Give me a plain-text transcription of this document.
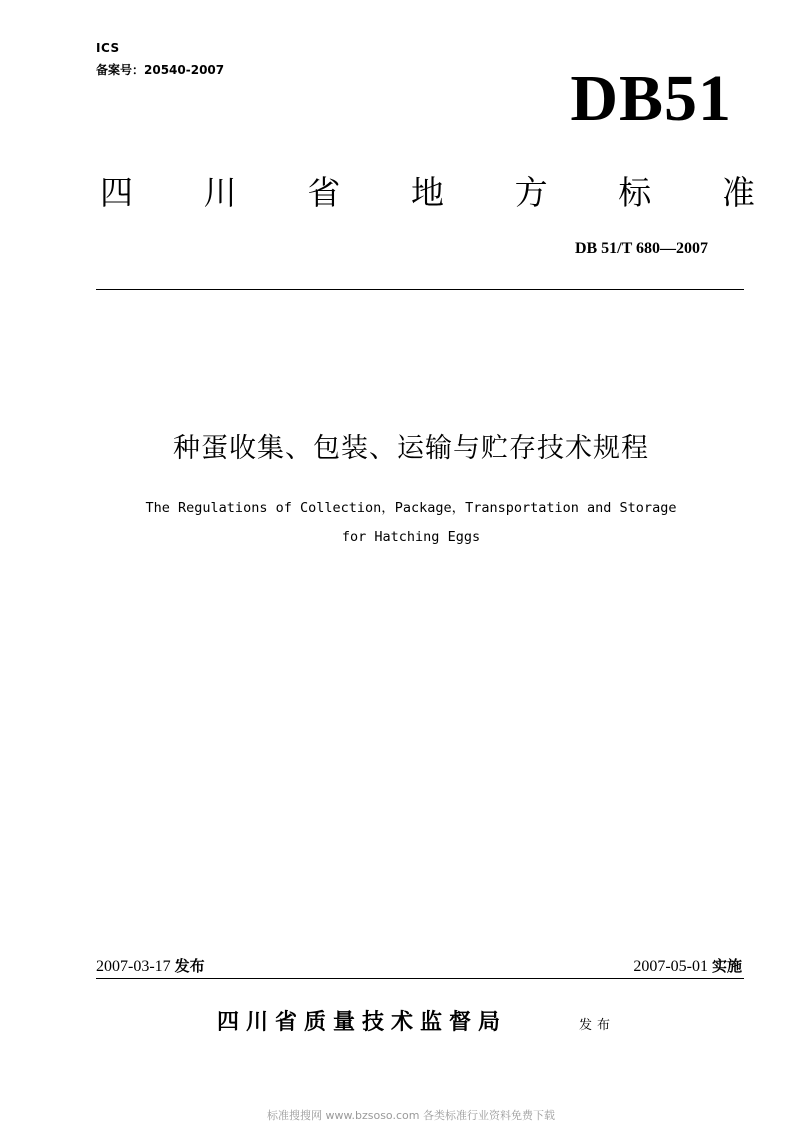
ICS
备案号：20540-2007	DB51
四 川 省 地 方 标 准
DB 51/T 680—2007
种蛋收集、包装、运输与贮存技术规程
The Regulations of Collection，Package，Transportation and Storage
for Hatching Eggs
2007-03-17 发布	2007-05-01 实施
四川省质量技术监督局	发布
标准搜搜网 www.bzsoso.com 各类标准行业资料免费下载
